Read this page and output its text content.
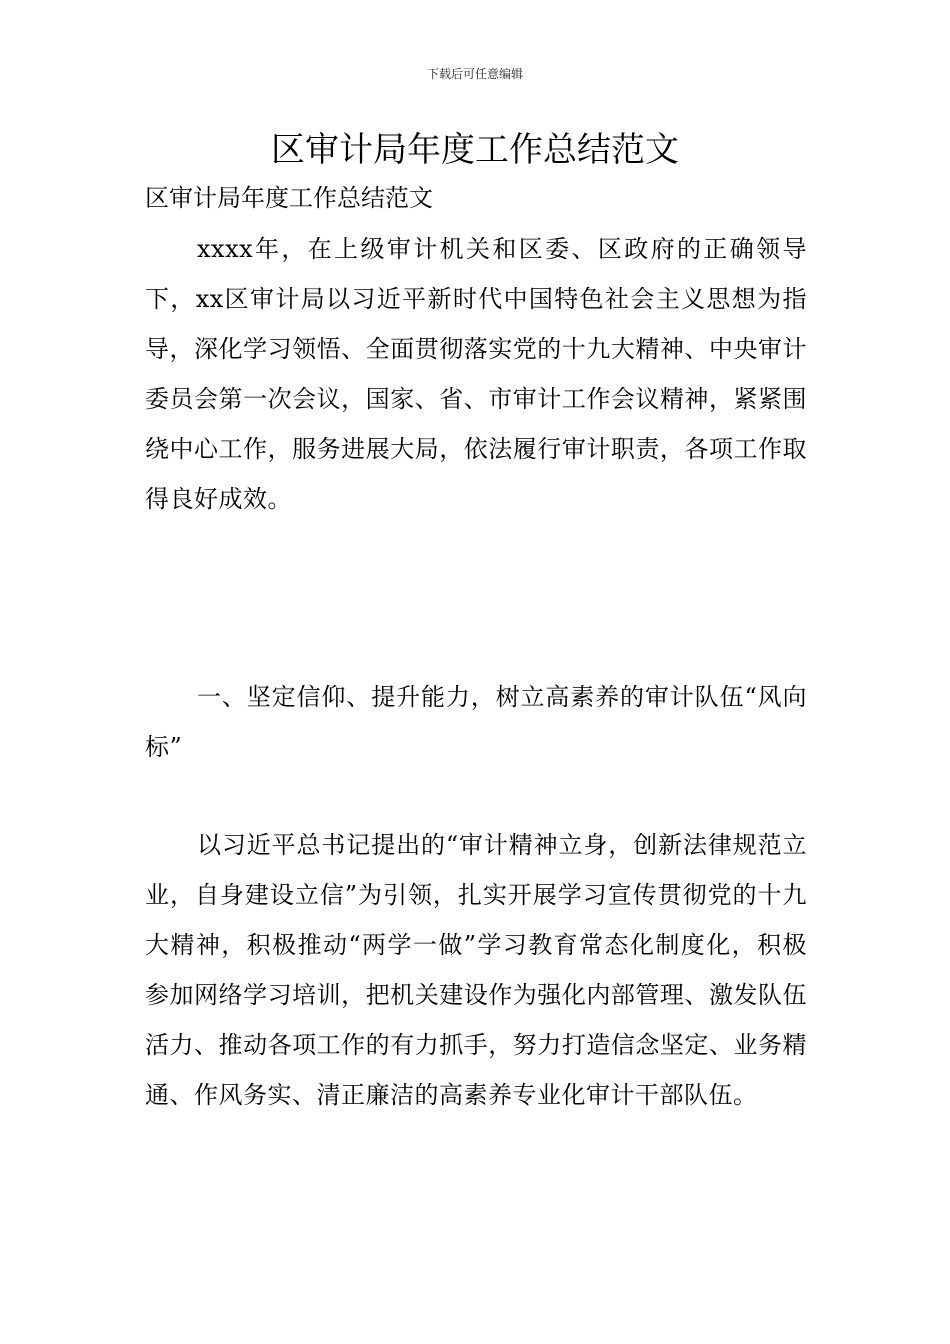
下载后可任意编辑
区审计局年度工作总结范文
区审计局年度工作总结范文

xxxx年，在上级审计机关和区委、区政府的正确领导下，xx区审计局以习近平新时代中国特色社会主义思想为指导，深化学习领悟、全面贯彻落实党的十九大精神、中央审计委员会第一次会议，国家、省、市审计工作会议精神，紧紧围绕中心工作，服务进展大局，依法履行审计职责，各项工作取得良好成效。

一、坚定信仰、提升能力，树立高素养的审计队伍“风向标”

以习近平总书记提出的“审计精神立身，创新法律规范立业，自身建设立信”为引领，扎实开展学习宣传贯彻党的十九大精神，积极推动“两学一做”学习教育常态化制度化，积极参加网络学习培训，把机关建设作为强化内部管理、激发队伍活力、推动各项工作的有力抓手，努力打造信念坚定、业务精通、作风务实、清正廉洁的高素养专业化审计干部队伍。
